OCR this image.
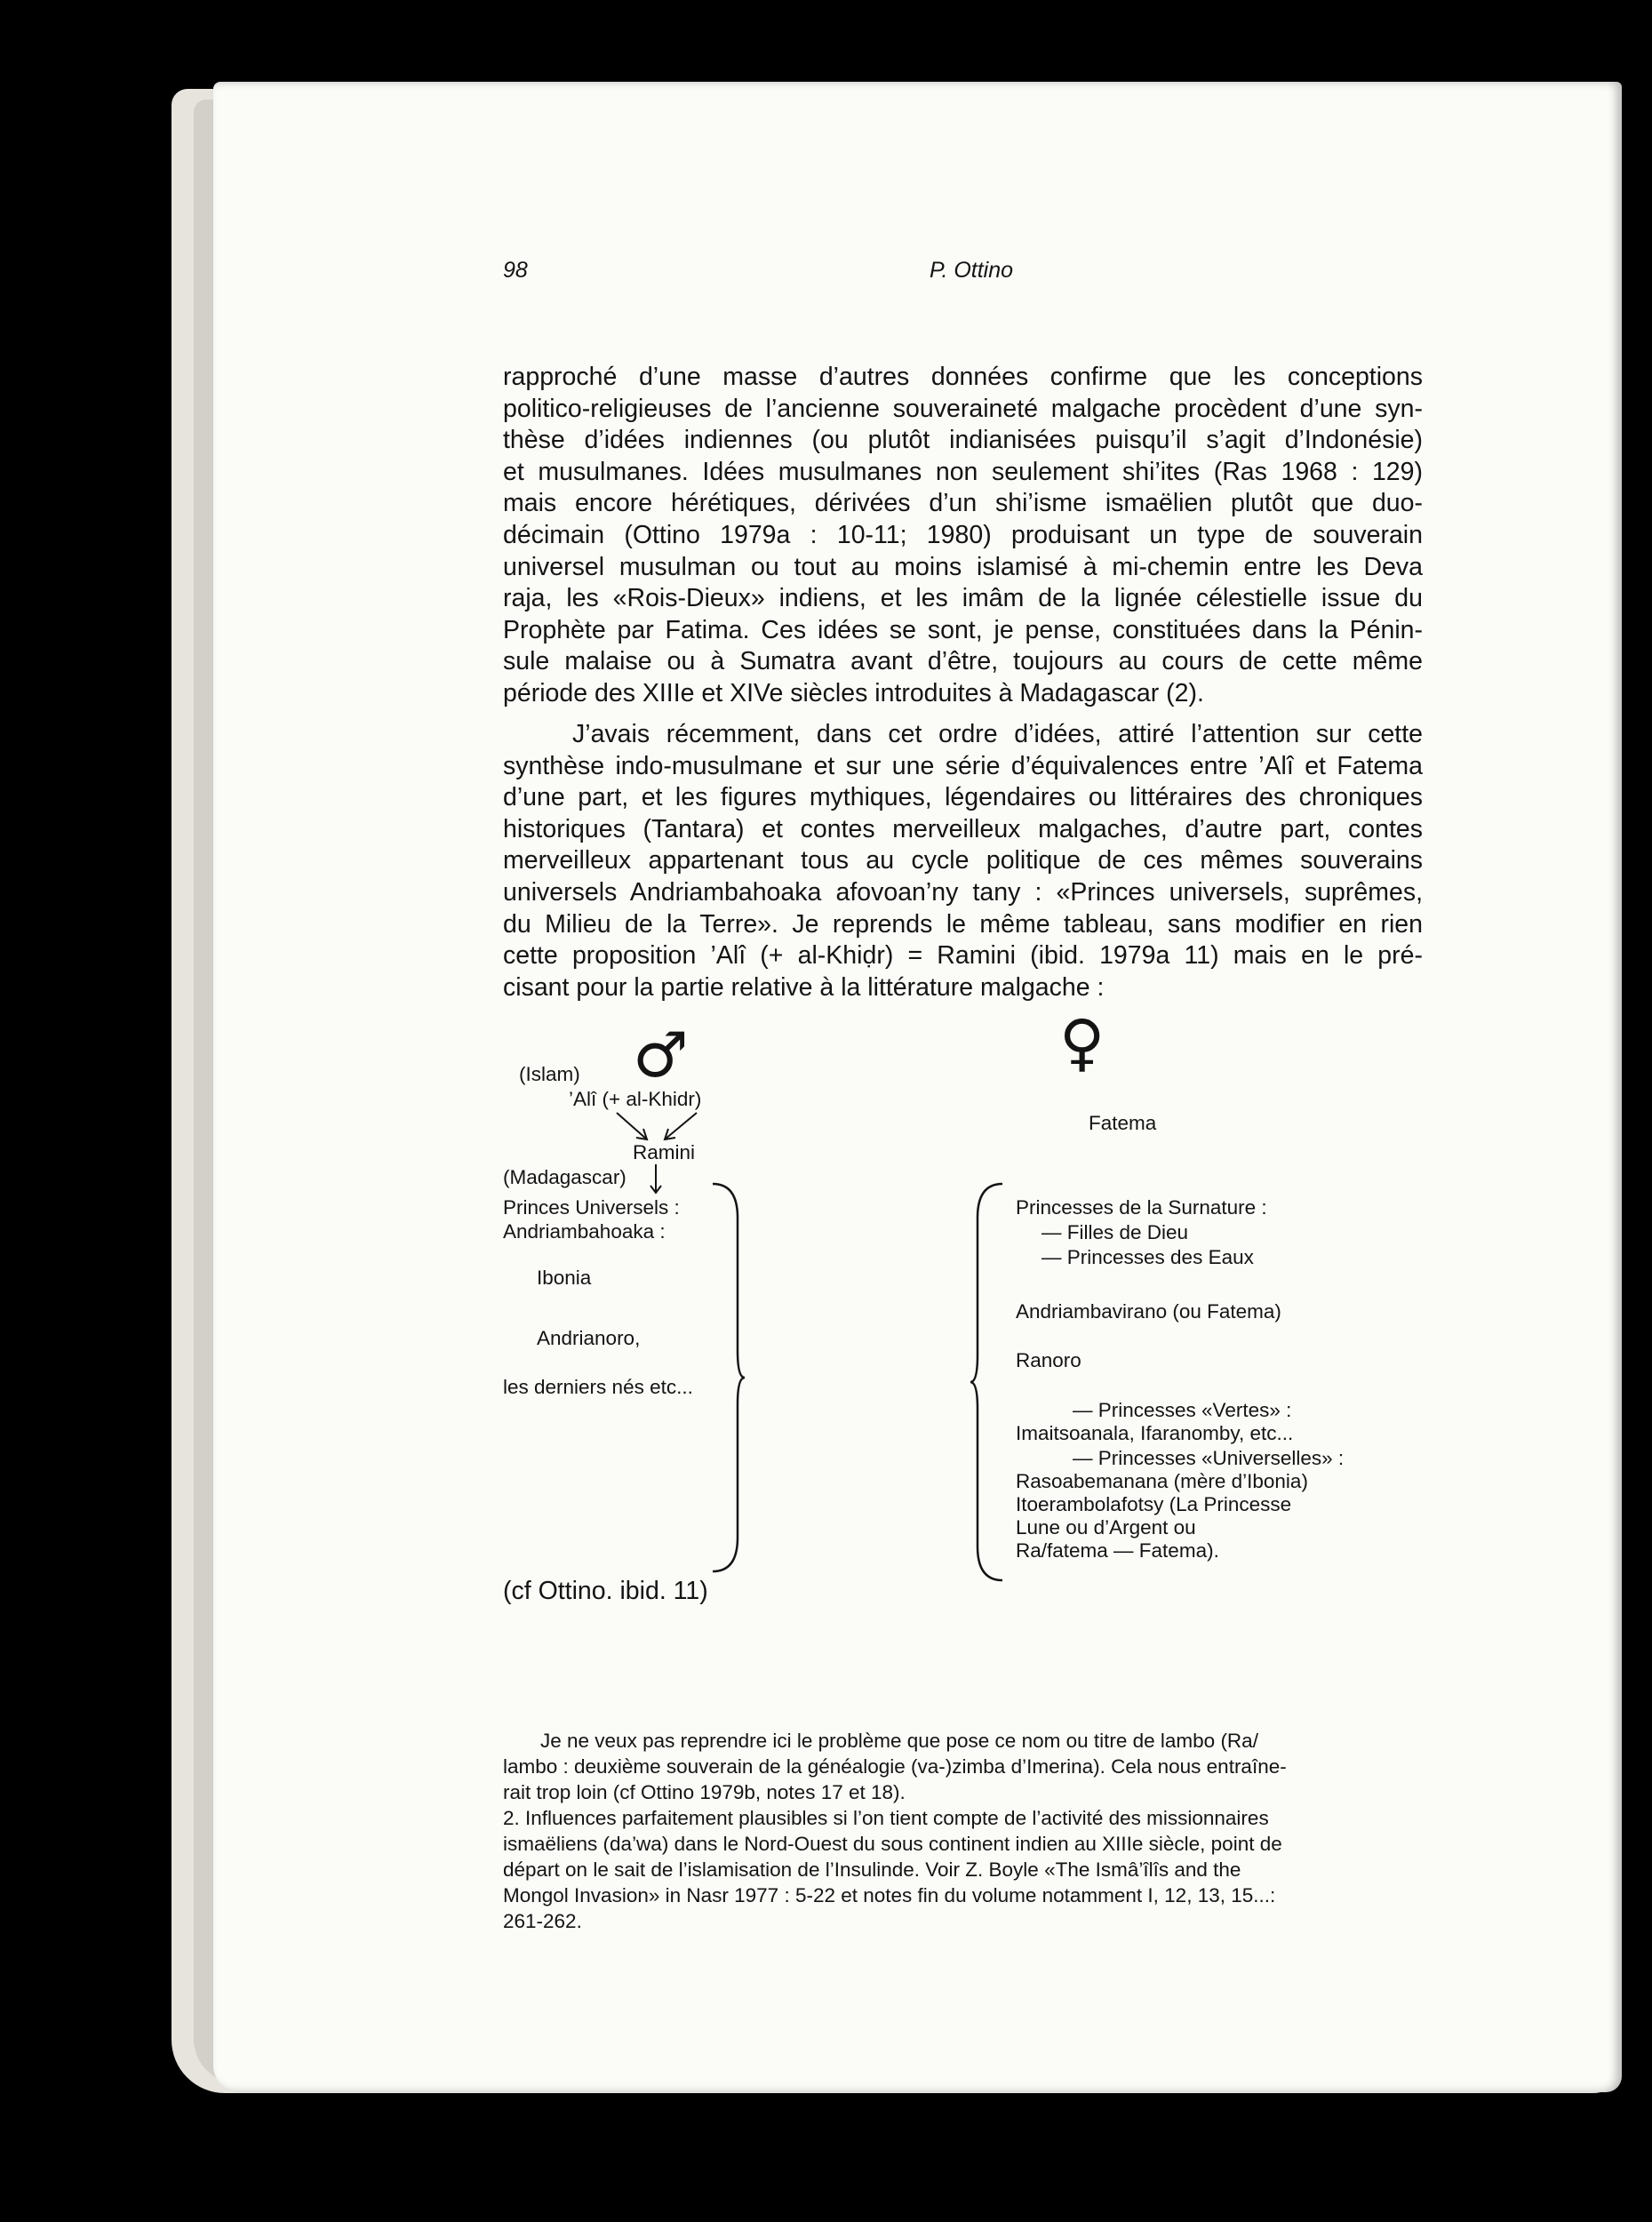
98	P. Ottino
rapproché d’une masse d’autres données confirme que les conceptions
politico-religieuses de l’ancienne souveraineté malgache procèdent d’une syn-
thèse d’idées indiennes (ou plutôt indianisées puisqu’il s’agit d’Indonésie)
et musulmanes. Idées musulmanes non seulement shi’ites (Ras 1968 : 129)
mais encore hérétiques, dérivées d’un shi’isme ismaëlien plutôt que duo-
décimain (Ottino 1979a : 10-11; 1980) produisant un type de souverain
universel musulman ou tout au moins islamisé à mi-chemin entre les Deva
raja, les «Rois-Dieux» indiens, et les imâm de la lignée célestielle issue du
Prophète par Fatima. Ces idées se sont, je pense, constituées dans la Pénin-
sule malaise ou à Sumatra avant d’être, toujours au cours de cette même
période des XIIIe et XIVe siècles introduites à Madagascar (2).
J’avais récemment, dans cet ordre d’idées, attiré l’attention sur cette
synthèse indo-musulmane et sur une série d’équivalences entre ’Alî et Fatema
d’une part, et les figures mythiques, légendaires ou littéraires des chroniques
historiques (Tantara) et contes merveilleux malgaches, d’autre part, contes
merveilleux appartenant tous au cycle politique de ces mêmes souverains
universels Andriambahoaka afovoan’ny tany : «Princes universels, suprêmes,
du Milieu de la Terre». Je reprends le même tableau, sans modifier en rien
cette proposition ’Alî (+ al-Khiḍr) = Ramini (ibid. 1979a 11) mais en le pré-
cisant pour la partie relative à la littérature malgache :
♂	♀
(Islam)
’Alî (+ al-Khidr)
Ramini
(Madagascar)
Princes Universels :
Andriambahoaka :
Ibonia
Andrianoro,
les derniers nés etc...
(cf Ottino. ibid. 11)
Fatema
Princesses de la Surnature :
— Filles de Dieu
— Princesses des Eaux
Andriambavirano (ou Fatema)
Ranoro
— Princesses «Vertes» :
Imaitsoanala, Ifaranomby, etc...
— Princesses «Universelles» :
Rasoabemanana (mère d’Ibonia)
Itoerambolafotsy (La Princesse
Lune ou d’Argent ou
Ra/fatema — Fatema).
Je ne veux pas reprendre ici le problème que pose ce nom ou titre de lambo (Ra/
lambo : deuxième souverain de la généalogie (va-)zimba d’Imerina). Cela nous entraîne-
rait trop loin (cf Ottino 1979b, notes 17 et 18).
2. Influences parfaitement plausibles si l’on tient compte de l’activité des missionnaires
ismaëliens (da’wa) dans le Nord-Ouest du sous continent indien au XIIIe siècle, point de
départ on le sait de l’islamisation de l’Insulinde. Voir Z. Boyle «The Ismâ’îlîs and the
Mongol Invasion» in Nasr 1977 : 5-22 et notes fin du volume notamment I, 12, 13, 15...:
261-262.
